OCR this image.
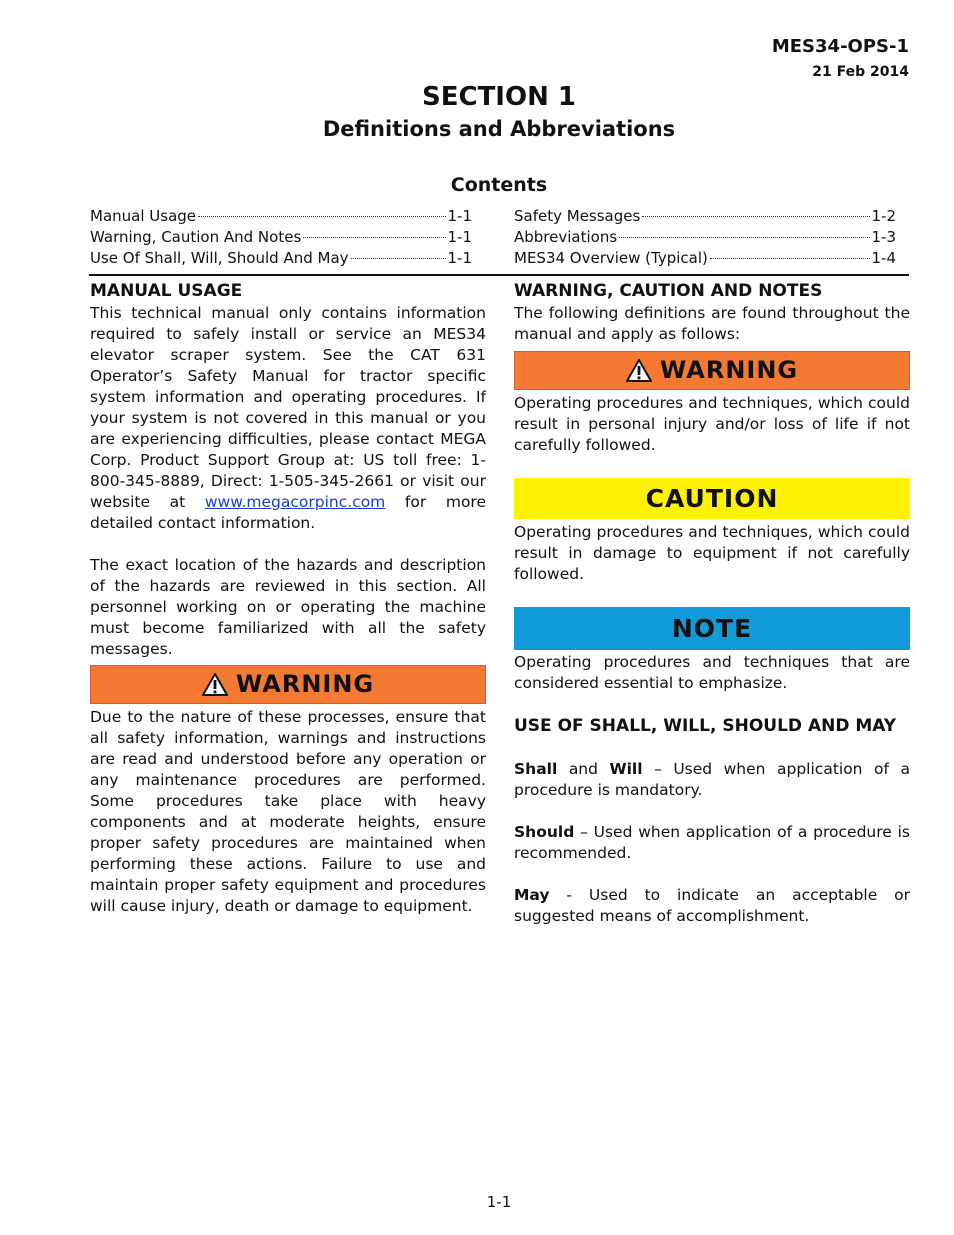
MES34-OPS-1
21 Feb 2014
SECTION 1
Definitions and Abbreviations
Contents
Manual Usage	1-1
Warning, Caution And Notes	1-1
Use Of Shall, Will, Should And May	1-1
Safety Messages	1-2
Abbreviations	1-3
MES34 Overview (Typical)	1-4
MANUAL USAGE

This technical manual only contains information required to safely install or service an MES34 elevator scraper system. See the CAT 631 Operator’s Safety Manual for tractor specific system information and operating procedures. If your system is not covered in this manual or you are experiencing difficulties, please contact MEGA Corp. Product Support Group at: US toll free: 1-800-345-8889, Direct: 1-505-345-2661 or visit our website at www.megacorpinc.com for more detailed contact information.

The exact location of the hazards and description of the hazards are reviewed in this section. All personnel working on or operating the machine must become familiarized with all the safety messages.

WARNING

Due to the nature of these processes, ensure that all safety information, warnings and instructions are read and understood before any operation or any maintenance procedures are performed. Some procedures take place with heavy components and at moderate heights, ensure proper safety procedures are maintained when performing these actions. Failure to use and maintain proper safety equipment and procedures will cause injury, death or damage to equipment.

WARNING, CAUTION AND NOTES

The following definitions are found throughout the manual and apply as follows:

WARNING

Operating procedures and techniques, which could result in personal injury and/or loss of life if not carefully followed.

CAUTION

Operating procedures and techniques, which could result in damage to equipment if not carefully followed.

NOTE

Operating procedures and techniques that are considered essential to emphasize.

USE OF SHALL, WILL, SHOULD AND MAY

Shall and Will – Used when application of a procedure is mandatory.

Should – Used when application of a procedure is recommended.

May - Used to indicate an acceptable or suggested means of accomplishment.

1-1
